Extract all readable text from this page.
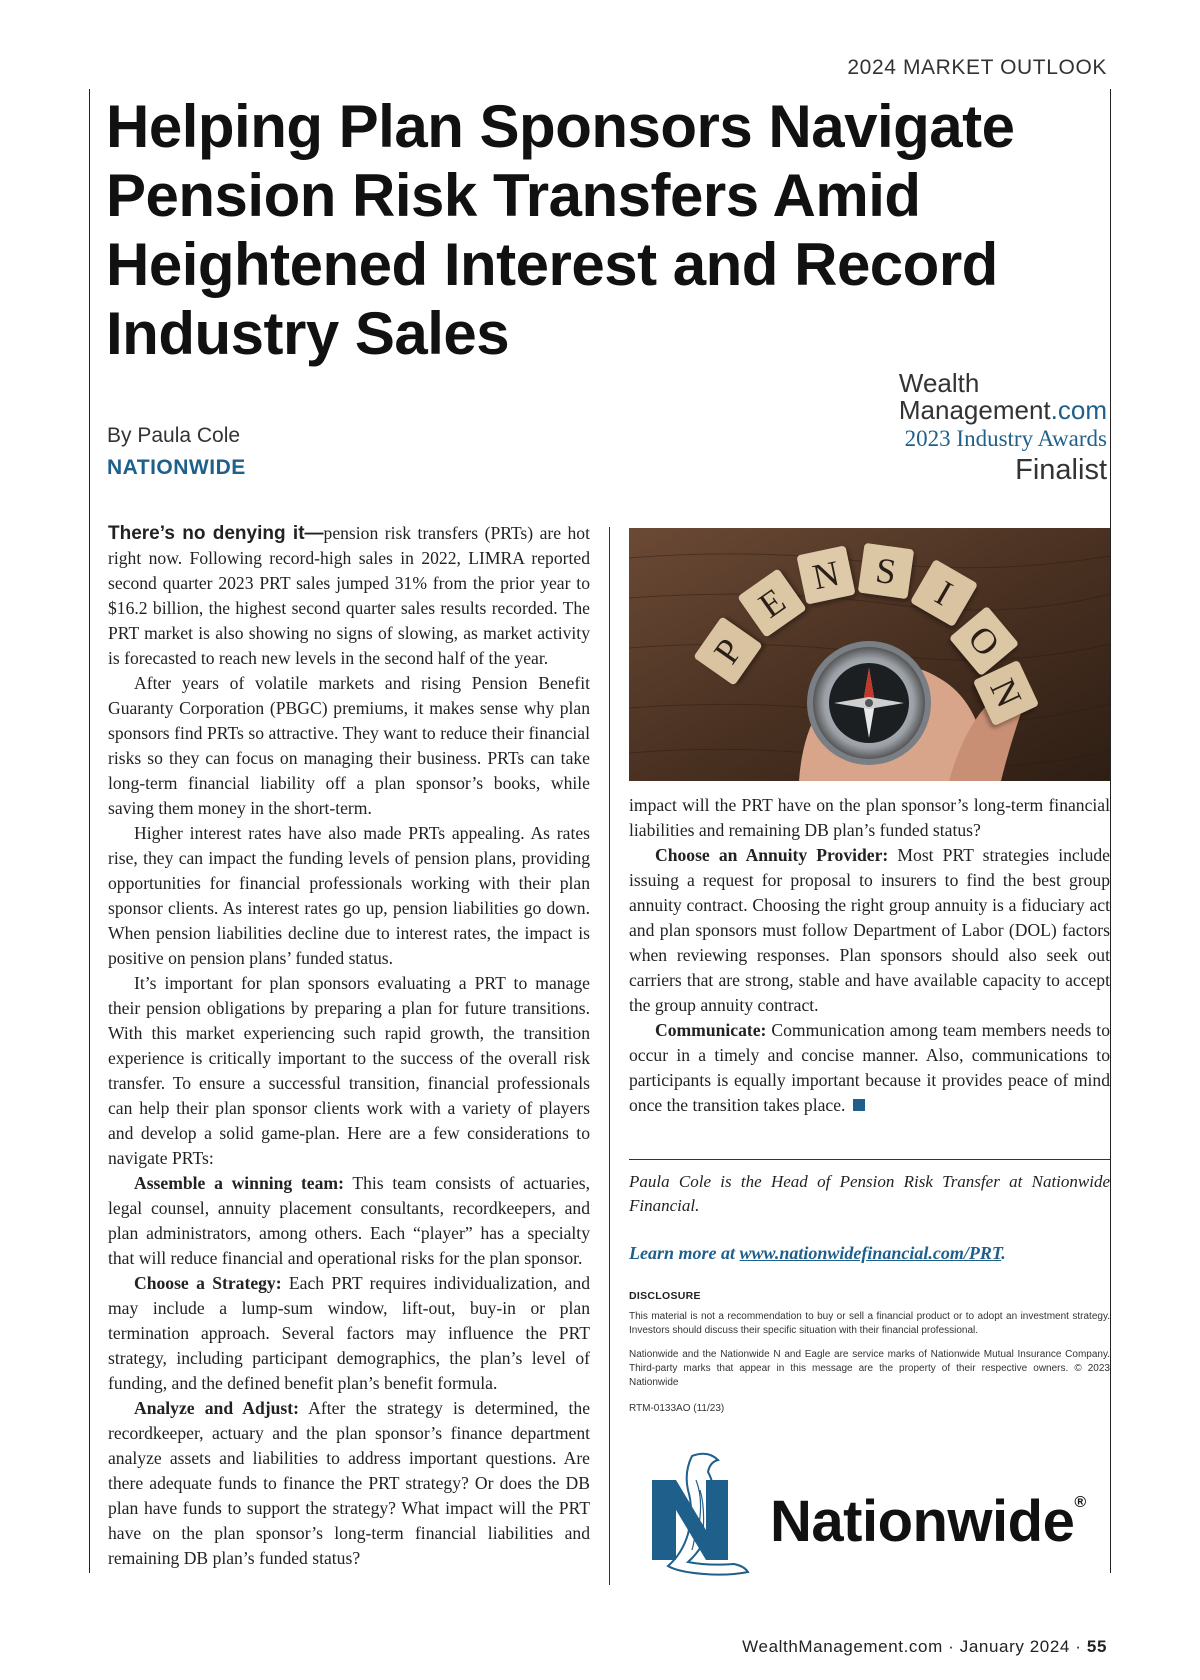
2024 MARKET OUTLOOK
Helping Plan Sponsors Navigate Pension Risk Transfers Amid Heightened Interest and Record Industry Sales
By Paula Cole
NATIONWIDE
Wealth
Management.com
2023 Industry Awards
Finalist

There’s no denying it—pension risk transfers (PRTs) are hot right now. Following record-high sales in 2022, LIMRA reported second quarter 2023 PRT sales jumped 31% from the prior year to $16.2 billion, the highest second quarter sales results recorded. The PRT market is also showing no signs of slowing, as market activity is forecasted to reach new levels in the second half of the year.

After years of volatile markets and rising Pension Benefit Guaranty Corporation (PBGC) premiums, it makes sense why plan sponsors find PRTs so attractive. They want to reduce their financial risks so they can focus on managing their business. PRTs can take long-term financial liability off a plan sponsor’s books, while saving them money in the short-term.

Higher interest rates have also made PRTs appealing. As rates rise, they can impact the funding levels of pension plans, providing opportunities for financial professionals working with their plan sponsor clients. As interest rates go up, pension liabilities go down. When pension liabilities decline due to interest rates, the impact is positive on pension plans’ funded status.

It’s important for plan sponsors evaluating a PRT to manage their pension obligations by preparing a plan for future transitions. With this market experiencing such rapid growth, the transition experience is critically important to the success of the overall risk transfer. To ensure a successful transition, financial professionals can help their plan sponsor clients work with a variety of players and develop a solid game-plan. Here are a few considerations to navigate PRTs:

Assemble a winning team: This team consists of actuaries, legal counsel, annuity placement consultants, recordkeepers, and plan administrators, among others. Each “player” has a specialty that will reduce financial and operational risks for the plan sponsor.

Choose a Strategy: Each PRT requires individualization, and may include a lump-sum window, lift-out, buy-in or plan termination approach. Several factors may influence the PRT strategy, including participant demographics, the plan’s level of funding, and the defined benefit plan’s benefit formula.

Analyze and Adjust: After the strategy is determined, the recordkeeper, actuary and the plan sponsor’s finance department analyze assets and liabilities to address important questions. Are there adequate funds to finance the PRT strategy? Or does the DB plan have funds to support the strategy? What impact will the PRT have on the plan sponsor’s long-term financial liabilities and remaining DB plan’s funded status?

P
E
N S
I
O
N

impact will the PRT have on the plan sponsor’s long-term financial liabilities and remaining DB plan’s funded status?

Choose an Annuity Provider: Most PRT strategies include issuing a request for proposal to insurers to find the best group annuity contract. Choosing the right group annuity is a fiduciary act and plan sponsors must follow Department of Labor (DOL) factors when reviewing responses. Plan sponsors should also seek out carriers that are strong, stable and have available capacity to accept the group annuity contract.

Communicate: Communication among team members needs to occur in a timely and concise manner. Also, communications to participants is equally important because it provides peace of mind once the transition takes place.

Paula Cole is the Head of Pension Risk Transfer at Nationwide Financial.
Learn more at www.nationwidefinancial.com/PRT.
DISCLOSURE
This material is not a recommendation to buy or sell a financial product or to adopt an investment strategy. Investors should discuss their specific situation with their financial professional.
Nationwide and the Nationwide N and Eagle are service marks of Nationwide Mutual Insurance Company. Third-party marks that appear in this message are the property of their respective owners. © 2023 Nationwide
RTM-0133AO (11/23)
Nationwide®
WealthManagement.com · January 2024 · 55
